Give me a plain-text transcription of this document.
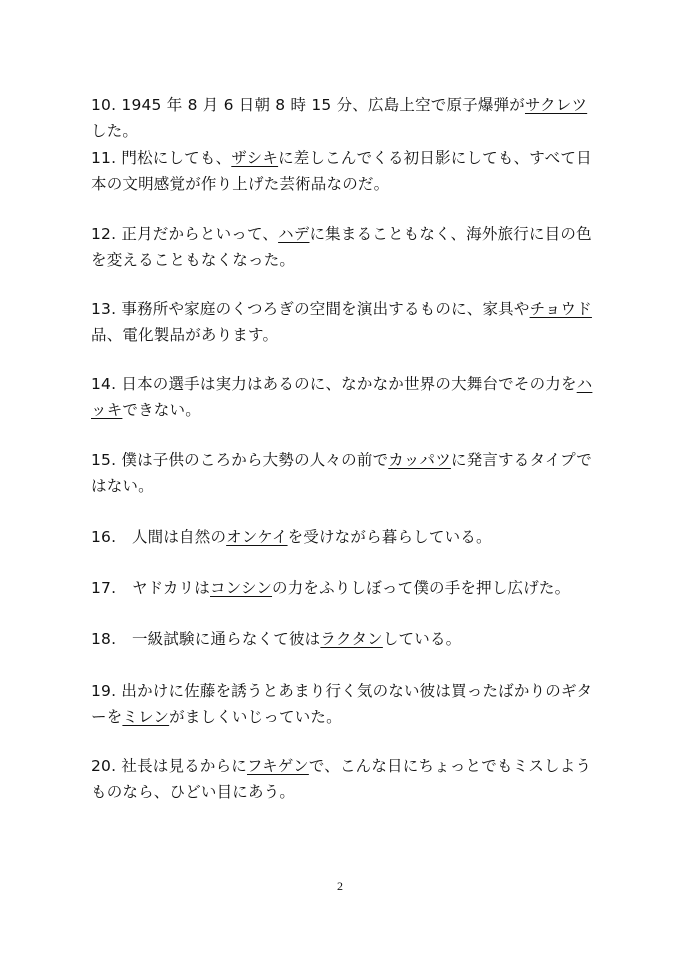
10. 1945 年 8 月 6 日朝 8 時 15 分、広島上空で原子爆弾がサクレツした。
11. 門松にしても、ザシキに差しこんでくる初日影にしても、すべて日本の文明感覚が作り上げた芸術品なのだ。
12. 正月だからといって、ハデに集まることもなく、海外旅行に目の色を変えることもなくなった。
13. 事務所や家庭のくつろぎの空間を演出するものに、家具やチョウド品、電化製品があります。
14. 日本の選手は実力はあるのに、なかなか世界の大舞台でその力をハッキできない。
15. 僕は子供のころから大勢の人々の前でカッパツに発言するタイプではない。
16.　人間は自然のオンケイを受けながら暮らしている。
17.　ヤドカリはコンシンの力をふりしぼって僕の手を押し広げた。
18.　一級試験に通らなくて彼はラクタンしている。
19. 出かけに佐藤を誘うとあまり行く気のない彼は買ったばかりのギターをミレンがましくいじっていた。
20. 社長は見るからにフキゲンで、こんな日にちょっとでもミスしようものなら、ひどい目にあう。
2
